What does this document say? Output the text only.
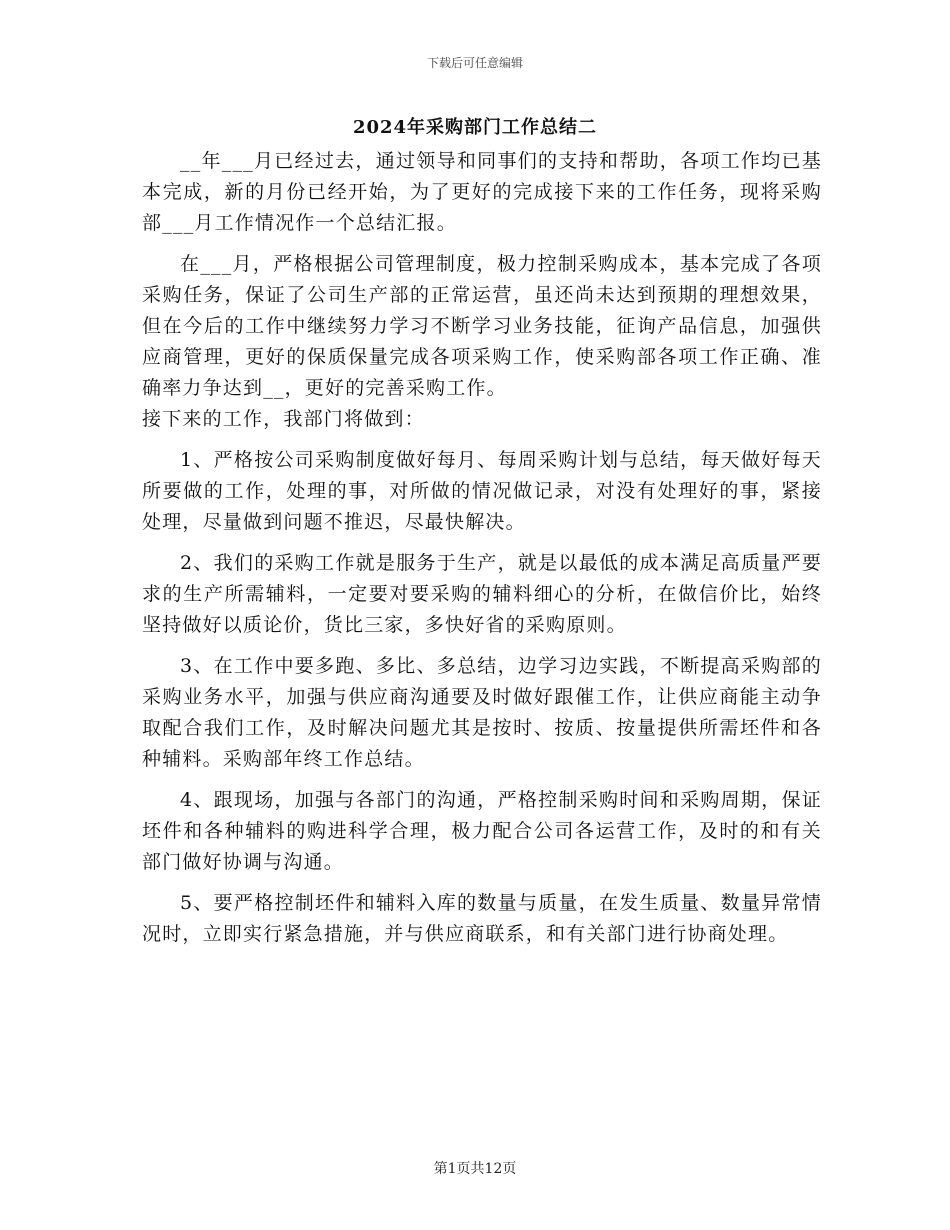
下载后可任意编辑
2024年采购部门工作总结二

__年___月已经过去，通过领导和同事们的支持和帮助，各项工作均已基本完成，新的月份已经开始，为了更好的完成接下来的工作任务，现将采购部___月工作情况作一个总结汇报。

在___月，严格根据公司管理制度，极力控制采购成本，基本完成了各项采购任务，保证了公司生产部的正常运营，虽还尚未达到预期的理想效果，但在今后的工作中继续努力学习不断学习业务技能，征询产品信息，加强供应商管理，更好的保质保量完成各项采购工作，使采购部各项工作正确、准确率力争达到__，更好的完善采购工作。

接下来的工作，我部门将做到：

1、严格按公司采购制度做好每月、每周采购计划与总结，每天做好每天所要做的工作，处理的事，对所做的情况做记录，对没有处理好的事，紧接处理，尽量做到问题不推迟，尽最快解决。

2、我们的采购工作就是服务于生产，就是以最低的成本满足高质量严要求的生产所需辅料，一定要对要采购的辅料细心的分析，在做信价比，始终坚持做好以质论价，货比三家，多快好省的采购原则。

3、在工作中要多跑、多比、多总结，边学习边实践，不断提高采购部的采购业务水平，加强与供应商沟通要及时做好跟催工作，让供应商能主动争取配合我们工作，及时解决问题尤其是按时、按质、按量提供所需坯件和各种辅料。采购部年终工作总结。

4、跟现场，加强与各部门的沟通，严格控制采购时间和采购周期，保证坯件和各种辅料的购进科学合理，极力配合公司各运营工作，及时的和有关部门做好协调与沟通。

5、要严格控制坯件和辅料入库的数量与质量，在发生质量、数量异常情况时，立即实行紧急措施，并与供应商联系，和有关部门进行协商处理。

第1页共12页
